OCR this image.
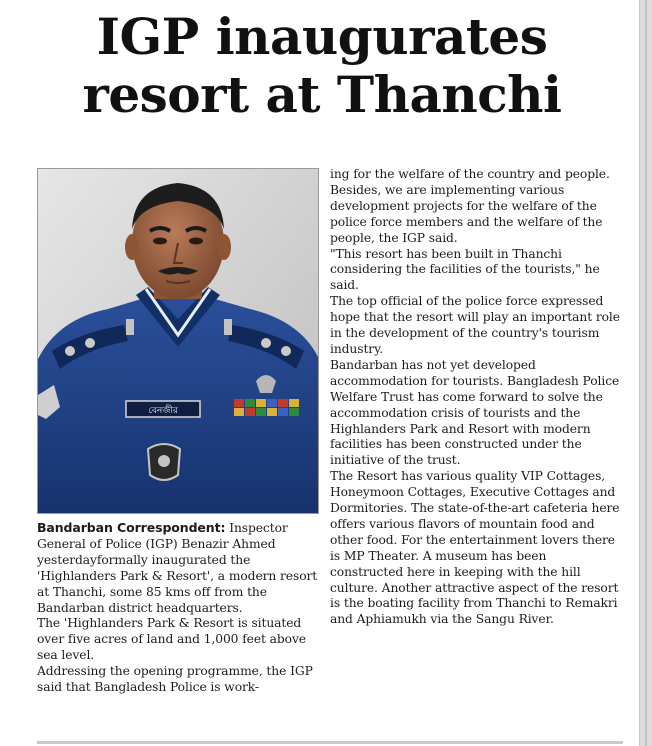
IGP inaugurates
resort at Thanchi
বেনজীর

Bandarban Correspondent: Inspector General of Police (IGP) Benazir Ahmed yesterdayformally inaugurated the 'Highlanders Park & Resort', a modern resort at Thanchi, some 85 kms off from the Bandarban district headquarters.

The 'Highlanders Park & Resort is situated over five acres of land and 1,000 feet above sea level.

Addressing the opening programme, the IGP said that Bangladesh Police is work-

ing for the welfare of the country and people. Besides, we are implementing various development projects for the welfare of the police force members and the welfare of the people, the IGP said.

"This resort has been built in Thanchi considering the facilities of the tourists," he said.

The top official of the police force expressed hope that the resort will play an important role in the development of the country's tourism industry.

Bandarban has not yet developed accommodation for tourists. Bangladesh Police Welfare Trust has come forward to solve the accommodation crisis of tourists and the Highlanders Park and Resort with modern facilities has been constructed under the initiative of the trust.

The Resort has various quality VIP Cottages, Honeymoon Cottages, Executive Cottages and Dormitories. The state-of-the-art cafeteria here offers various flavors of mountain food and other food. For the entertainment lovers there is MP Theater. A museum has been constructed here in keeping with the hill culture. Another attractive aspect of the resort is the boating facility from Thanchi to Remakri and Aphiamukh via the Sangu River.
